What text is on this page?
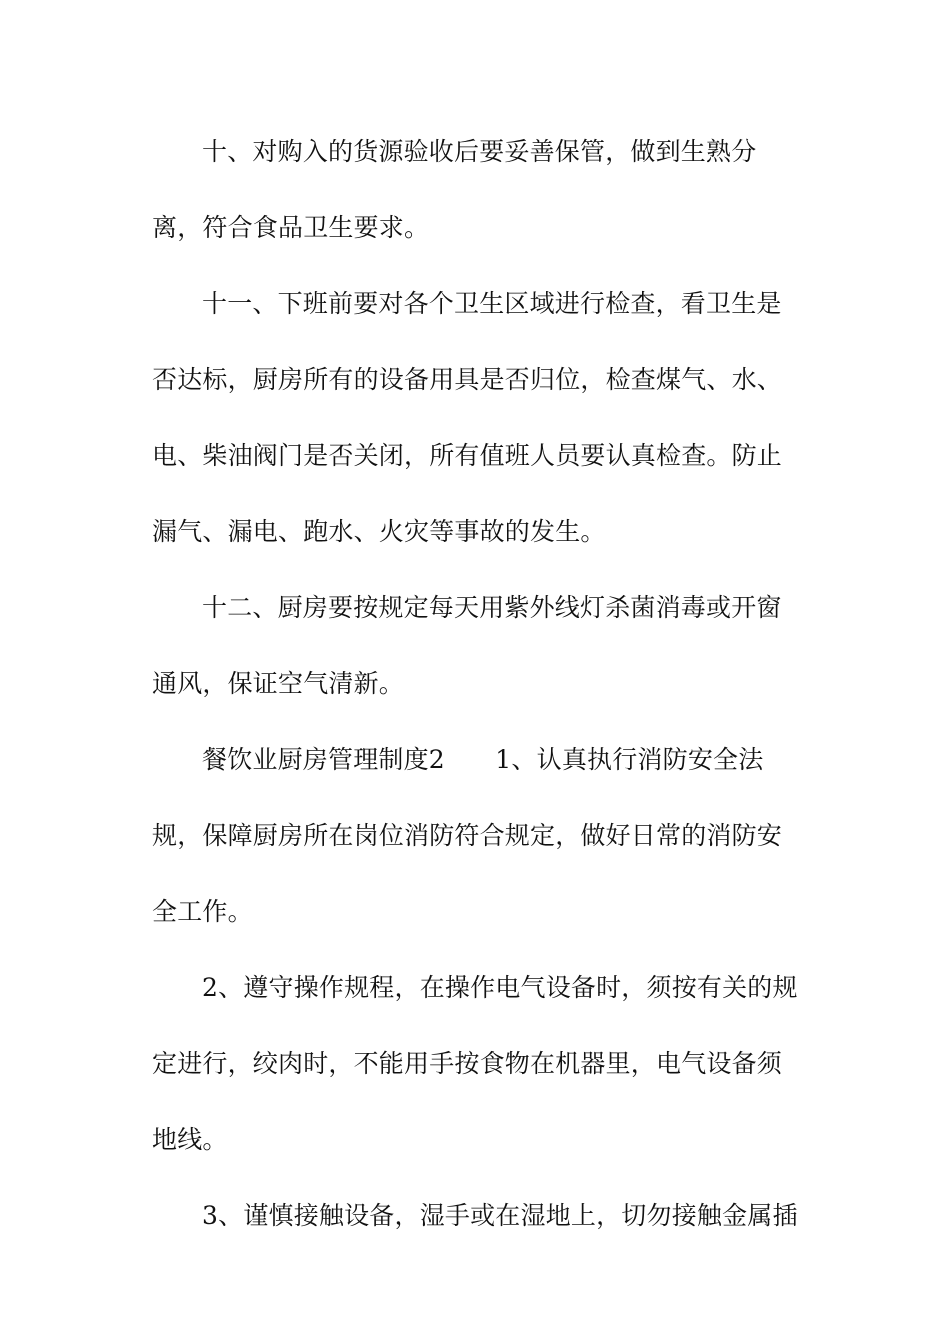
十、对购入的货源验收后要妥善保管，做到生熟分离，符合食品卫生要求。

十一、下班前要对各个卫生区域进行检查，看卫生是否达标，厨房所有的设备用具是否归位，检查煤气、水、电、柴油阀门是否关闭，所有值班人员要认真检查。防止漏气、漏电、跑水、火灾等事故的发生。

十二、厨房要按规定每天用紫外线灯杀菌消毒或开窗通风，保证空气清新。

餐饮业厨房管理制度2　　1、认真执行消防安全法规，保障厨房所在岗位消防符合规定，做好日常的消防安全工作。

2、遵守操作规程，在操作电气设备时，须按有关的规定进行，绞肉时，不能用手按食物在机器里，电气设备须地线。

3、谨慎接触设备，湿手或在湿地上，切勿接触金属插
